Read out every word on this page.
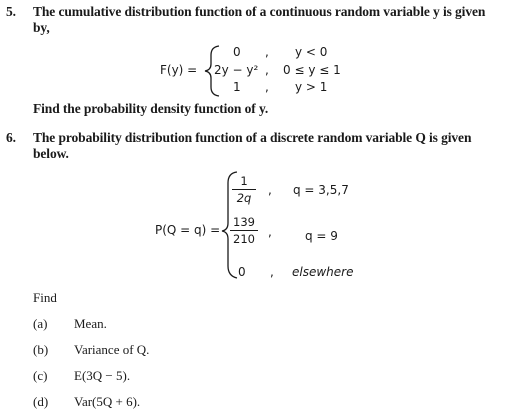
5. The cumulative distribution function of a continuous random variable y is given
by,
F(y) =
0 , y < 0
2y − y² , 0 ≤ y ≤ 1
1 , y > 1
Find the probability density function of y.
6. The probability distribution function of a discrete random variable Q is given
below.
P(Q = q) =
1
2q
, q = 3,5,7
139
210 ,	q = 9
0 , elsewhere
Find
(a) Mean.
(b) Variance of Q.
(c) E(3Q − 5).
(d) Var(5Q + 6).
